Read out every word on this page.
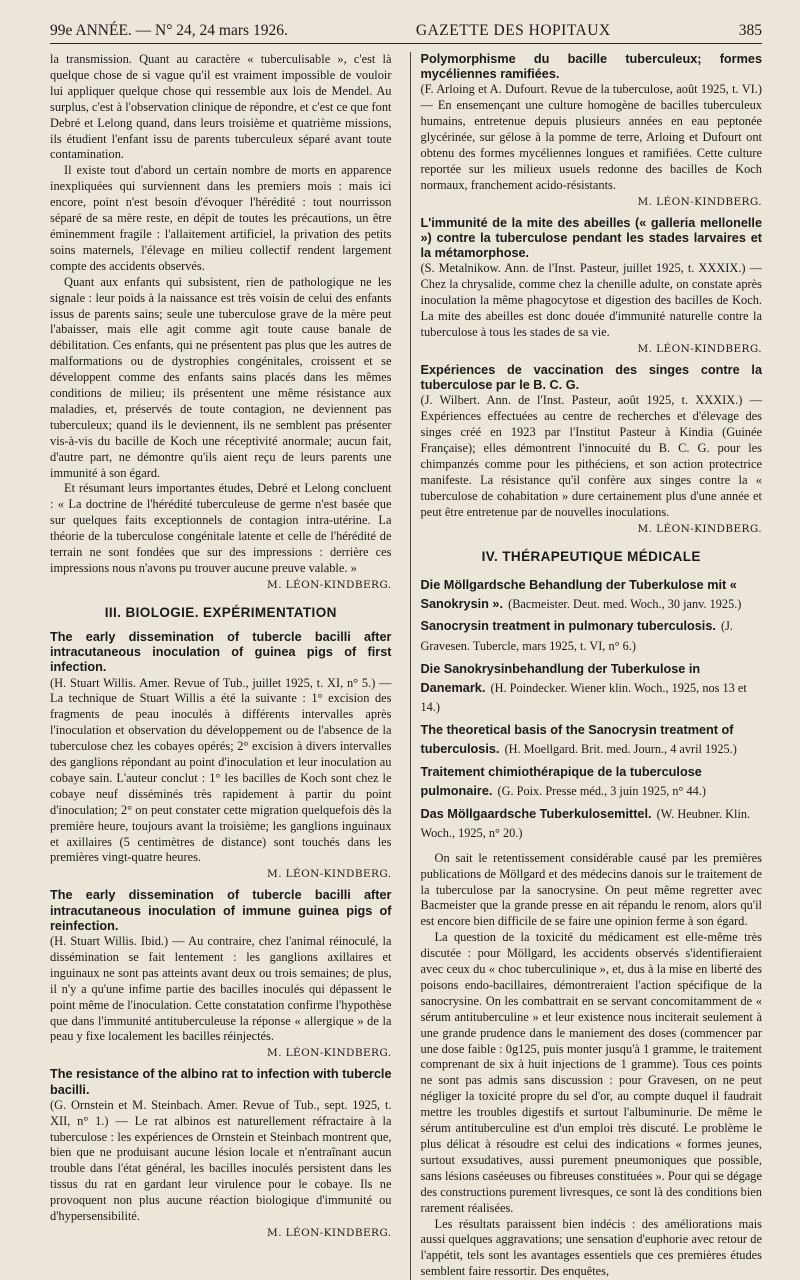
99e ANNÉE. — N° 24, 24 mars 1926.	GAZETTE DES HOPITAUX	385

la transmission. Quant au caractère « tuberculisable », c'est là quelque chose de si vague qu'il est vraiment impossible de vouloir lui appliquer quelque chose qui ressemble aux lois de Mendel. Au surplus, c'est à l'observation clinique de répondre, et c'est ce que font Debré et Lelong quand, dans leurs troisième et quatrième missions, ils étudient l'enfant issu de parents tuberculeux séparé avant toute contamination.

Il existe tout d'abord un certain nombre de morts en apparence inexpliquées qui surviennent dans les premiers mois : mais ici encore, point n'est besoin d'évoquer l'hérédité : tout nourrisson séparé de sa mère reste, en dépit de toutes les précautions, un être éminemment fragile : l'allaitement artificiel, la privation des petits soins maternels, l'élevage en milieu collectif rendent largement compte des accidents observés.

Quant aux enfants qui subsistent, rien de pathologique ne les signale : leur poids à la naissance est très voisin de celui des enfants issus de parents sains; seule une tuberculose grave de la mère peut l'abaisser, mais elle agit comme agit toute cause banale de débilitation. Ces enfants, qui ne présentent pas plus que les autres de malformations ou de dystrophies congénitales, croissent et se développent comme des enfants sains placés dans les mêmes conditions de milieu; ils présentent une même résistance aux maladies, et, préservés de toute contagion, ne deviennent pas tuberculeux; quand ils le deviennent, ils ne semblent pas présenter vis-à-vis du bacille de Koch une réceptivité anormale; aucun fait, d'autre part, ne démontre qu'ils aient reçu de leurs parents une immunité à son égard.

Et résumant leurs importantes études, Debré et Lelong concluent : « La doctrine de l'hérédité tuberculeuse de germe n'est basée que sur quelques faits exceptionnels de contagion intra-utérine. La théorie de la tuberculose congénitale latente et celle de l'hérédité de terrain ne sont fondées que sur des impressions : derrière ces impressions nous n'avons pu trouver aucune preuve valable. »

M. LÉON-KINDBERG.
III. BIOLOGIE. EXPÉRIMENTATION

The early dissemination of tubercle bacilli after intracutaneous inoculation of guinea pigs of first infection.

(H. Stuart Willis. Amer. Revue of Tub., juillet 1925, t. XI, n° 5.) — La technique de Stuart Willis a été la suivante : 1° excision des fragments de peau inoculés à différents intervalles après l'inoculation et observation du développement ou de l'absence de la tuberculose chez les cobayes opérés; 2° excision à divers intervalles des ganglions répondant au point d'inoculation et leur inoculation au cobaye sain. L'auteur conclut : 1° les bacilles de Koch sont chez le cobaye neuf disséminés très rapidement à partir du point d'inoculation; 2° on peut constater cette migration quelquefois dès la première heure, toujours avant la troisième; les ganglions inguinaux et axillaires (5 centimètres de distance) sont touchés dans les premières vingt-quatre heures.

M. LÉON-KINDBERG.

The early dissemination of tubercle bacilli after intracutaneous inoculation of immune guinea pigs of reinfection.

(H. Stuart Willis. Ibid.) — Au contraire, chez l'animal réinoculé, la dissémination se fait lentement : les ganglions axillaires et inguinaux ne sont pas atteints avant deux ou trois semaines; de plus, il n'y a qu'une infime partie des bacilles inoculés qui dépassent le point même de l'inoculation. Cette constatation confirme l'hypothèse que dans l'immunité antituberculeuse la réponse « allergique » de la peau y fixe localement les bacilles réinjectés.

M. LÉON-KINDBERG.

The resistance of the albino rat to infection with tubercle bacilli.

(G. Ornstein et M. Steinbach. Amer. Revue of Tub., sept. 1925, t. XII, n° 1.) — Le rat albinos est naturellement réfractaire à la tuberculose : les expériences de Ornstein et Steinbach montrent que, bien que ne produisant aucune lésion locale et n'entraînant aucun trouble dans l'état général, les bacilles inoculés persistent dans les tissus du rat en gardant leur virulence pour le cobaye. Ils ne provoquent non plus aucune réaction biologique d'immunité ou d'hypersensibilité.

M. LÉON-KINDBERG.

Polymorphisme du bacille tuberculeux; formes mycéliennes ramifiées.

(F. Arloing et A. Dufourt. Revue de la tuberculose, août 1925, t. VI.) — En ensemençant une culture homogène de bacilles tuberculeux humains, entretenue depuis plusieurs années en eau peptonée glycérinée, sur gélose à la pomme de terre, Arloing et Dufourt ont obtenu des formes mycéliennes longues et ramifiées. Cette culture reportée sur les milieux usuels redonne des bacilles de Koch normaux, franchement acido-résistants.

M. LÉON-KINDBERG.

L'immunité de la mite des abeilles (« galleria mellonelle ») contre la tuberculose pendant les stades larvaires et la métamorphose.

(S. Metalnikow. Ann. de l'Inst. Pasteur, juillet 1925, t. XXXIX.) — Chez la chrysalide, comme chez la chenille adulte, on constate après inoculation la même phagocytose et digestion des bacilles de Koch. La mite des abeilles est donc douée d'immunité naturelle contre la tuberculose à tous les stades de sa vie.

M. LÉON-KINDBERG.

Expériences de vaccination des singes contre la tuberculose par le B. C. G.

(J. Wilbert. Ann. de l'Inst. Pasteur, août 1925, t. XXXIX.) — Expériences effectuées au centre de recherches et d'élevage des singes créé en 1923 par l'Institut Pasteur à Kindia (Guinée Française); elles démontrent l'innocuité du B. C. G. pour les chimpanzés comme pour les pithéciens, et son action protectrice manifeste. La résistance qu'il confère aux singes contre la « tuberculose de cohabitation » dure certainement plus d'une année et peut être entretenue par de nouvelles inoculations.

M. LÉON-KINDBERG.
IV. THÉRAPEUTIQUE MÉDICALE

Die Möllgardsche Behandlung der Tuberkulose mit « Sanokrysin ». (Bacmeister. Deut. med. Woch., 30 janv. 1925.)

Sanocrysin treatment in pulmonary tuberculosis. (J. Gravesen. Tubercle, mars 1925, t. VI, n° 6.)

Die Sanokrysinbehandlung der Tuberkulose in Danemark. (H. Poindecker. Wiener klin. Woch., 1925, nos 13 et 14.)

The theoretical basis of the Sanocrysin treatment of tuberculosis. (H. Moellgard. Brit. med. Journ., 4 avril 1925.)

Traitement chimiothérapique de la tuberculose pulmonaire. (G. Poix. Presse méd., 3 juin 1925, n° 44.)

Das Möllgaardsche Tuberkulosemittel. (W. Heubner. Klin. Woch., 1925, n° 20.)

On sait le retentissement considérable causé par les premières publications de Möllgard et des médecins danois sur le traitement de la tuberculose par la sanocrysine. On peut même regretter avec Bacmeister que la grande presse en ait répandu le renom, alors qu'il est encore bien difficile de se faire une opinion ferme à son égard.

La question de la toxicité du médicament est elle-même très discutée : pour Möllgard, les accidents observés s'identifieraient avec ceux du « choc tuberculinique », et, dus à la mise en liberté des poisons endo-bacillaires, démontreraient l'action spécifique de la sanocrysine. On les combattrait en se servant concomitamment de « sérum antituberculine » et leur existence nous inciterait seulement à une grande prudence dans le maniement des doses (commencer par une dose faible : 0g125, puis monter jusqu'à 1 gramme, le traitement comprenant de six à huit injections de 1 gramme). Tous ces points ne sont pas admis sans discussion : pour Gravesen, on ne peut négliger la toxicité propre du sel d'or, au compte duquel il faudrait mettre les troubles digestifs et surtout l'albuminurie. De même le sérum antituberculine est d'un emploi très discuté. Le problème le plus délicat à résoudre est celui des indications « formes jeunes, surtout exsudatives, aussi purement pneumoniques que possible, sans lésions caséeuses ou fibreuses constituées ». Pour qui se dégage des constructions purement livresques, ce sont là des conditions bien rarement réalisées.

Les résultats paraissent bien indécis : des améliorations mais aussi quelques aggravations; une sensation d'euphorie avec retour de l'appétit, tels sont les avantages essentiels que ces premières études semblent faire ressortir. Des enquêtes,
